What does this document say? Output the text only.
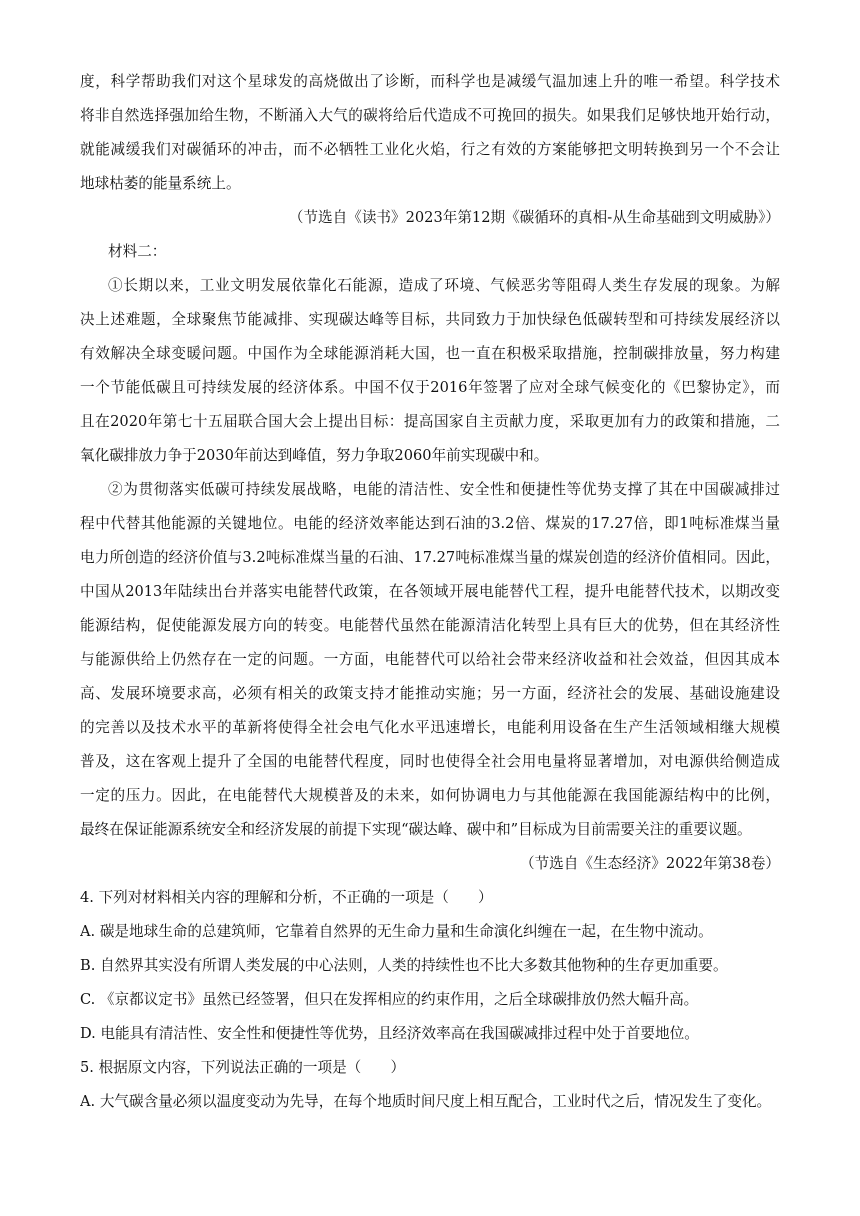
度，科学帮助我们对这个星球发的高烧做出了诊断，而科学也是减缓气温加速上升的唯一希望。科学技术
将非自然选择强加给生物，不断涌入大气的碳将给后代造成不可挽回的损失。如果我们足够快地开始行动，
就能减缓我们对碳循环的冲击，而不必牺牲工业化火焰，行之有效的方案能够把文明转换到另一个不会让
地球枯萎的能量系统上。
（节选自《读书》2023年第12期《碳循环的真相-从生命基础到文明威胁》）
材料二：
①长期以来，工业文明发展依靠化石能源，造成了环境、气候恶劣等阻碍人类生存发展的现象。为解
决上述难题，全球聚焦节能减排、实现碳达峰等目标，共同致力于加快绿色低碳转型和可持续发展经济以
有效解决全球变暖问题。中国作为全球能源消耗大国，也一直在积极采取措施，控制碳排放量，努力构建
一个节能低碳且可持续发展的经济体系。中国不仅于2016年签署了应对全球气候变化的《巴黎协定》，而
且在2020年第七十五届联合国大会上提出目标：提高国家自主贡献力度，采取更加有力的政策和措施，二
氧化碳排放力争于2030年前达到峰值，努力争取2060年前实现碳中和。
②为贯彻落实低碳可持续发展战略，电能的清洁性、安全性和便捷性等优势支撑了其在中国碳减排过
程中代替其他能源的关键地位。电能的经济效率能达到石油的3.2倍、煤炭的17.27倍，即1吨标准煤当量
电力所创造的经济价值与3.2吨标准煤当量的石油、17.27吨标准煤当量的煤炭创造的经济价值相同。因此，
中国从2013年陆续出台并落实电能替代政策，在各领域开展电能替代工程，提升电能替代技术，以期改变
能源结构，促使能源发展方向的转变。电能替代虽然在能源清洁化转型上具有巨大的优势，但在其经济性
与能源供给上仍然存在一定的问题。一方面，电能替代可以给社会带来经济收益和社会效益，但因其成本
高、发展环境要求高，必须有相关的政策支持才能推动实施；另一方面，经济社会的发展、基础设施建设
的完善以及技术水平的革新将使得全社会电气化水平迅速增长，电能利用设备在生产生活领域相继大规模
普及，这在客观上提升了全国的电能替代程度，同时也使得全社会用电量将显著增加，对电源供给侧造成
一定的压力。因此，在电能替代大规模普及的未来，如何协调电力与其他能源在我国能源结构中的比例，
最终在保证能源系统安全和经济发展的前提下实现“碳达峰、碳中和”目标成为目前需要关注的重要议题。
（节选自《生态经济》2022年第38卷）
4. 下列对材料相关内容的理解和分析，不正确的一项是（　　）
A. 碳是地球生命的总建筑师，它靠着自然界的无生命力量和生命演化纠缠在一起，在生物中流动。
B. 自然界其实没有所谓人类发展的中心法则，人类的持续性也不比大多数其他物种的生存更加重要。
C. 《京都议定书》虽然已经签署，但只在发挥相应的约束作用，之后全球碳排放仍然大幅升高。
D. 电能具有清洁性、安全性和便捷性等优势，且经济效率高在我国碳减排过程中处于首要地位。
5. 根据原文内容，下列说法正确的一项是（　　）
A. 大气碳含量必须以温度变动为先导，在每个地质时间尺度上相互配合，工业时代之后，情况发生了变化。
